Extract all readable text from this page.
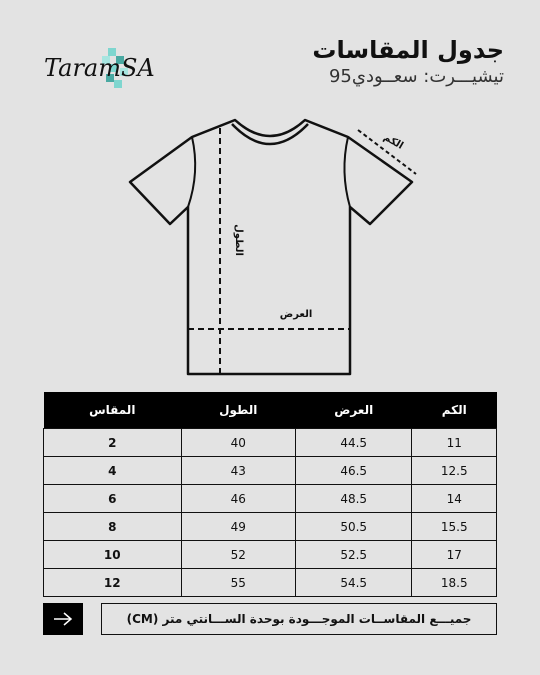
TaramSA
جدول المقاسات
تيشيـــرت: سعــودي95
الكم
الطول
العرض
المقاس	الطول	العرض	الكم
2	40	44.5	11
4	43	46.5	12.5
6	46	48.5	14
8	49	50.5	15.5
10	52	52.5	17
12	55	54.5	18.5
جميـــع المقاســات الموجـــودة بوحدة الســـانتي متر (CM)
